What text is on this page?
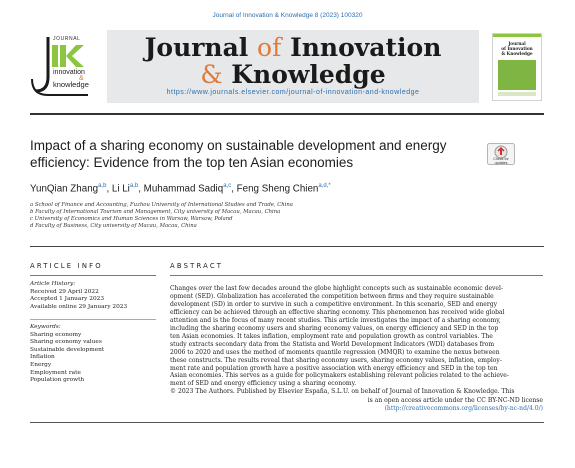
Journal of Innovation & Knowledge 8 (2023) 100320
JOURNAL
innovation
&
knowledge
Journal of Innovation
& Knowledge
https://www.journals.elsevier.com/journal-of-innovation-and-knowledge
Journal
of Innovation
& Knowledge
Impact of a sharing economy on sustainable development and energy
efficiency: Evidence from the top ten Asian economies	Check for
updates
YunQian Zhang$^{a,b}$, Li Li$^{a,b}$, Muhammad Sadiq$^{a,c}$, Feng Sheng Chien$^{a,d,*}$
a School of Finance and Accounting, Fuzhou University of International Studies and Trade, China
b Faculty of International Tourism and Management, City university of Macau, Macau, China
c University of Economics and Human Sciences in Warsaw, Warsaw, Poland
d Faculty of Business, City university of Macau, Macau, China
ARTICLE INFO
Article History:
Received 29 April 2022
Accepted 1 January 2023
Available online 29 January 2023
Keywords:
Sharing economy
Sharing economy values
Sustainable development
Inflation
Energy
Employment rate
Population growth
ABSTRACT
Changes over the last few decades around the globe highlight concepts such as sustainable economic devel-
opment (SED). Globalization has accelerated the competition between firms and they require sustainable
development (SD) in order to survive in such a competitive environment. In this scenario, SED and energy
efficiency can be achieved through an effective sharing economy. This phenomenon has received wide global
attention and is the focus of many recent studies. This article investigates the impact of a sharing economy,
including the sharing economy users and sharing economy values, on energy efficiency and SED in the top
ten Asian economies. It takes inflation, employment rate and population growth as control variables. The
study extracts secondary data from the Statista and World Development Indicators (WDI) databases from
2006 to 2020 and uses the method of moments quantile regression (MMQR) to examine the nexus between
these constructs. The results reveal that sharing economy users, sharing economy values, inflation, employ-
ment rate and population growth have a positive association with energy efficiency and SED in the top ten
Asian economies. This serves as a guide for policymakers establishing relevant policies related to the achieve-
ment of SED and energy efficiency using a sharing economy.
© 2023 The Authors. Published by Elsevier España, S.L.U. on behalf of Journal of Innovation & Knowledge. This
is an open access article under the CC BY-NC-ND license
(http://creativecommons.org/licenses/by-nc-nd/4.0/)
